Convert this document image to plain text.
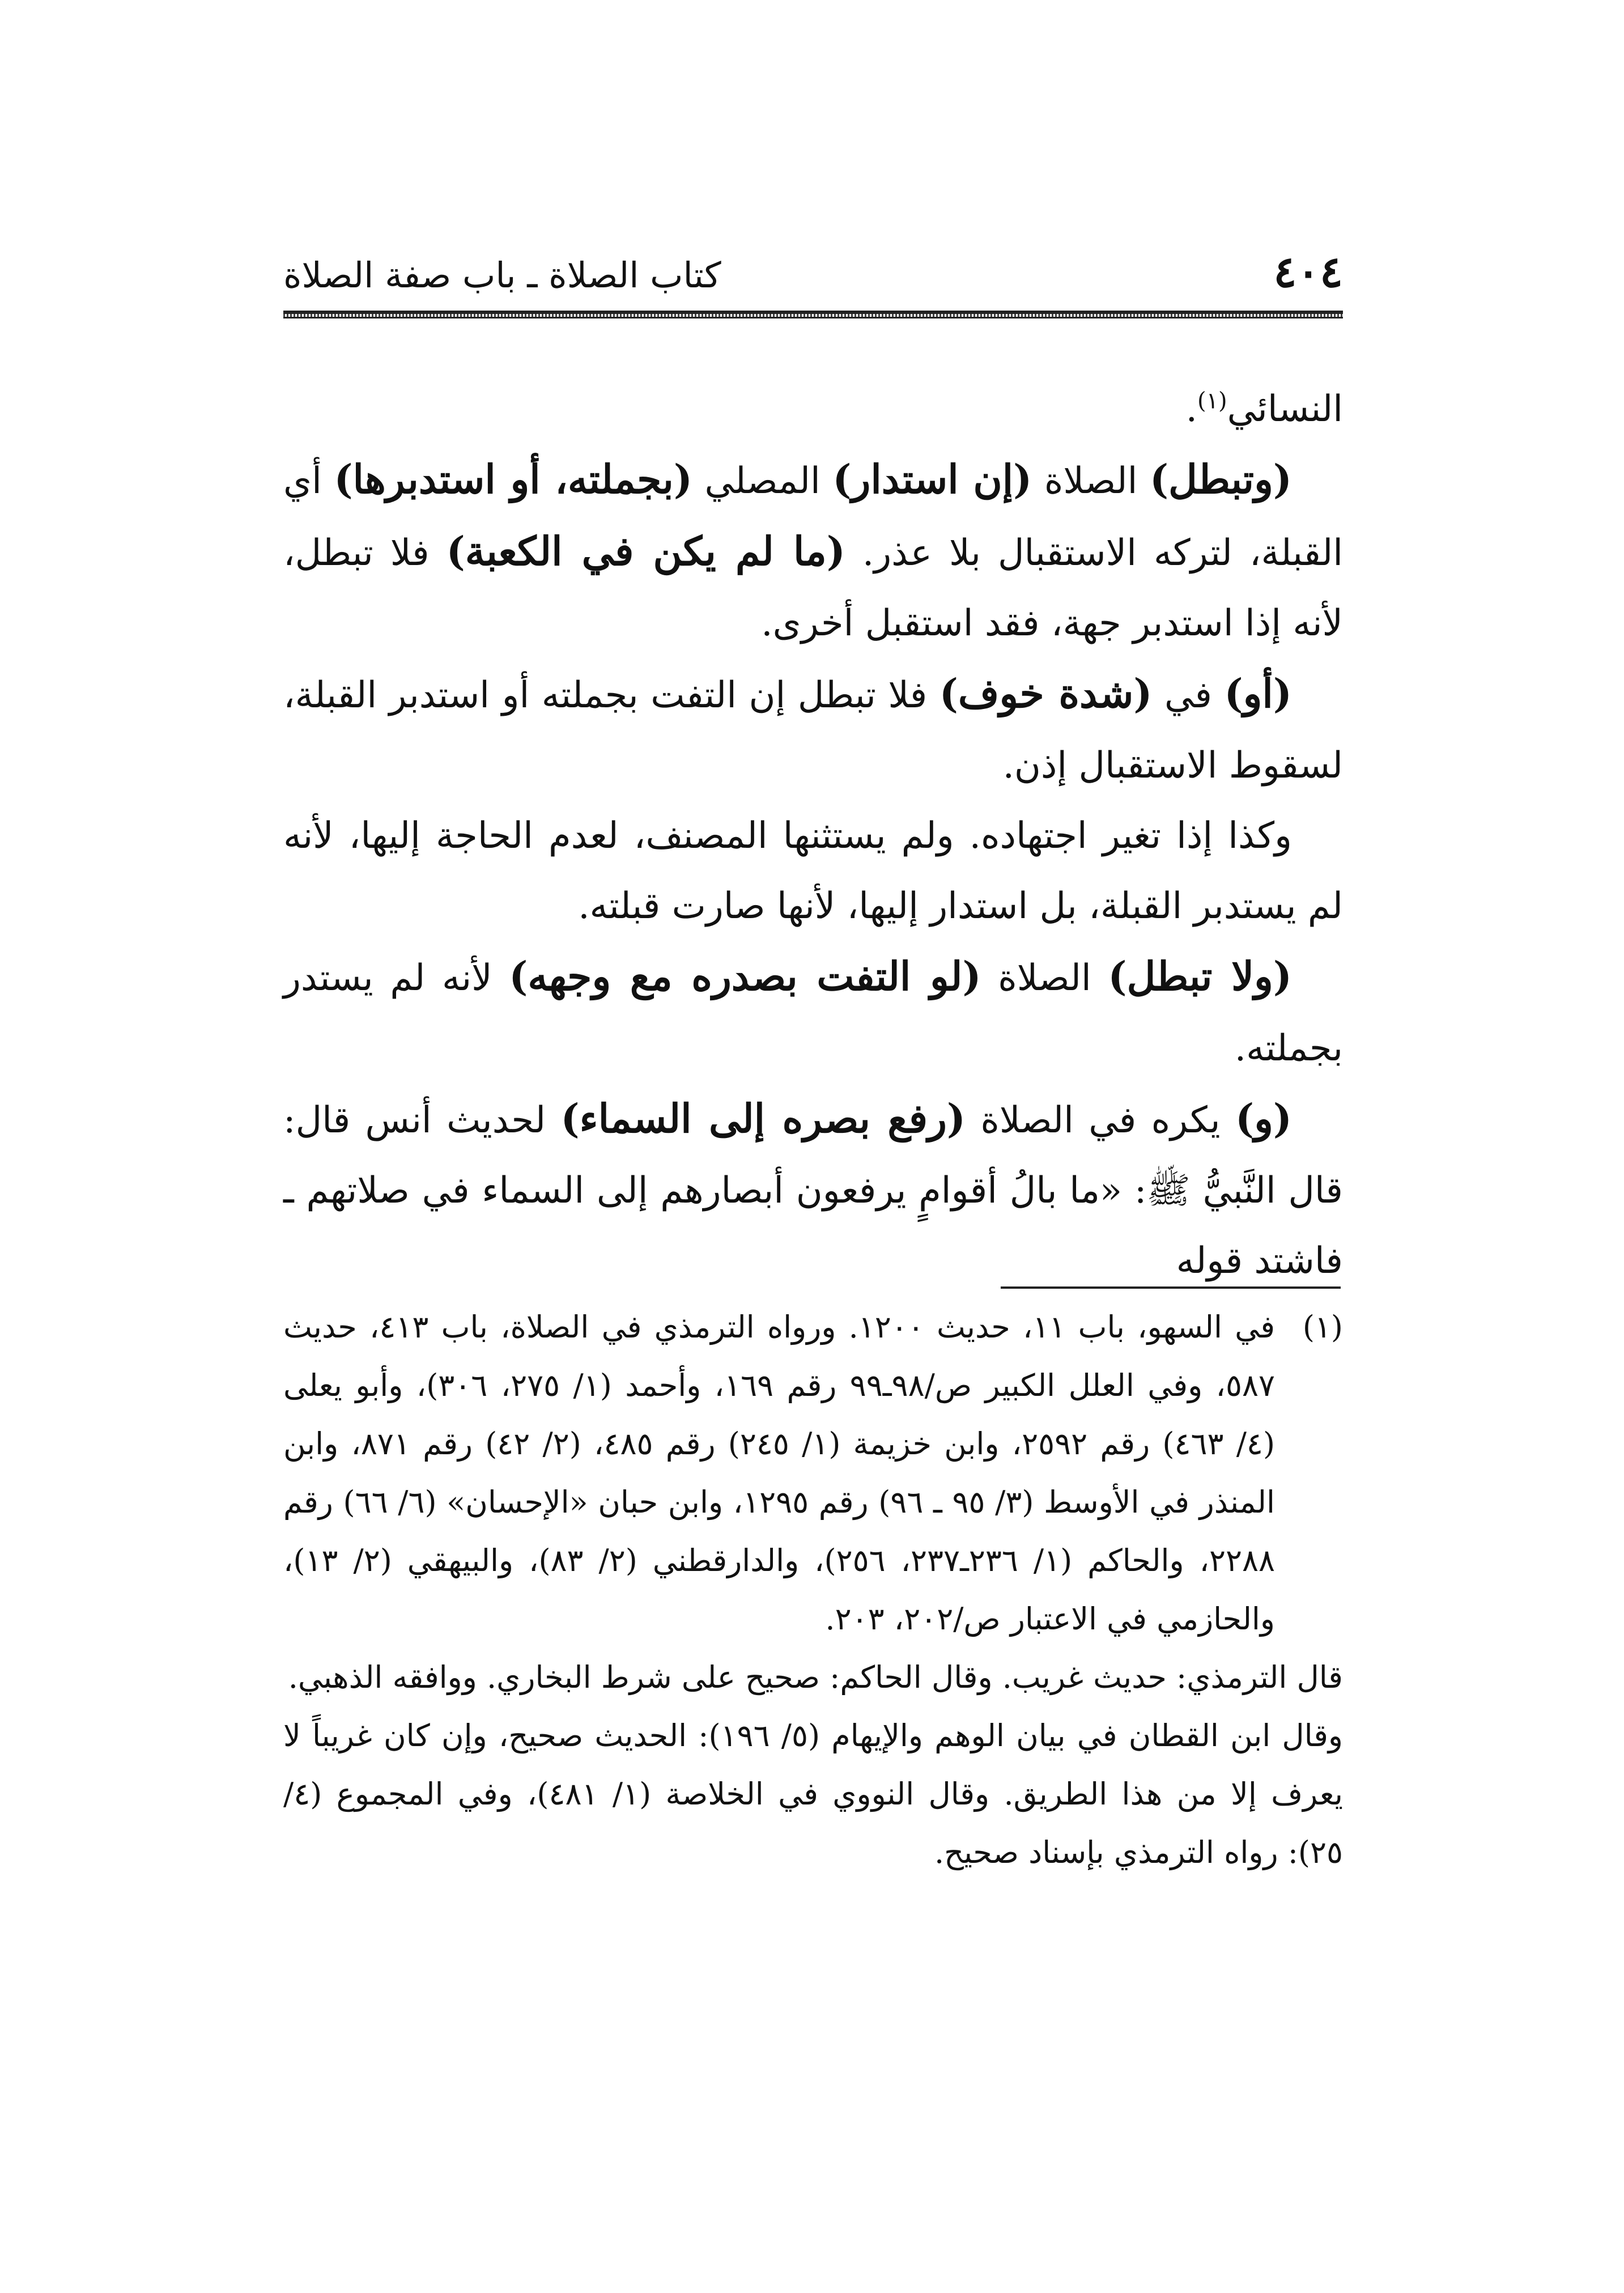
٤٠٤
كتاب الصلاة ـ باب صفة الصلاة

النسائي$^{(١)}$.

(وتبطل) الصلاة (إن استدار) المصلي (بجملته، أو استدبرها) أي القبلة، لتركه الاستقبال بلا عذر. (ما لم يكن في الكعبة) فلا تبطل، لأنه إذا استدبر جهة، فقد استقبل أخرى.

(أو) في (شدة خوف) فلا تبطل إن التفت بجملته أو استدبر القبلة، لسقوط الاستقبال إذن.

وكذا إذا تغير اجتهاده. ولم يستثنها المصنف، لعدم الحاجة إليها، لأنه لم يستدبر القبلة، بل استدار إليها، لأنها صارت قبلته.

(ولا تبطل) الصلاة (لو التفت بصدره مع وجهه) لأنه لم يستدر بجملته.

(و) يكره في الصلاة (رفع بصره إلى السماء) لحديث أنس قال: قال النَّبيُّ ﷺ: «ما بالُ أقوامٍ يرفعون أبصارهم إلى السماء في صلاتهم ـ فاشتد قوله

(١)
في السهو، باب ١١، حديث ١٢٠٠. ورواه الترمذي في الصلاة، باب ٤١٣، حديث ٥٨٧، وفي العلل الكبير ص/٩٨ـ٩٩ رقم ١٦٩، وأحمد (١/ ٢٧٥، ٣٠٦)، وأبو يعلى (٤/ ٤٦٣) رقم ٢٥٩٢، وابن خزيمة (١/ ٢٤٥) رقم ٤٨٥، (٢/ ٤٢) رقم ٨٧١، وابن المنذر في الأوسط (٣/ ٩٥ ـ ٩٦) رقم ١٢٩٥، وابن حبان «الإحسان» (٦/ ٦٦) رقم ٢٢٨٨، والحاكم (١/ ٢٣٦ـ٢٣٧، ٢٥٦)، والدارقطني (٢/ ٨٣)، والبيهقي (٢/ ١٣)، والحازمي في الاعتبار ص/٢٠٢، ٢٠٣.

قال الترمذي: حديث غريب. وقال الحاكم: صحيح على شرط البخاري. ووافقه الذهبي.

وقال ابن القطان في بيان الوهم والإيهام (٥/ ١٩٦): الحديث صحيح، وإن كان غريباً لا يعرف إلا من هذا الطريق. وقال النووي في الخلاصة (١/ ٤٨١)، وفي المجموع (٤/ ٢٥): رواه الترمذي بإسناد صحيح.
